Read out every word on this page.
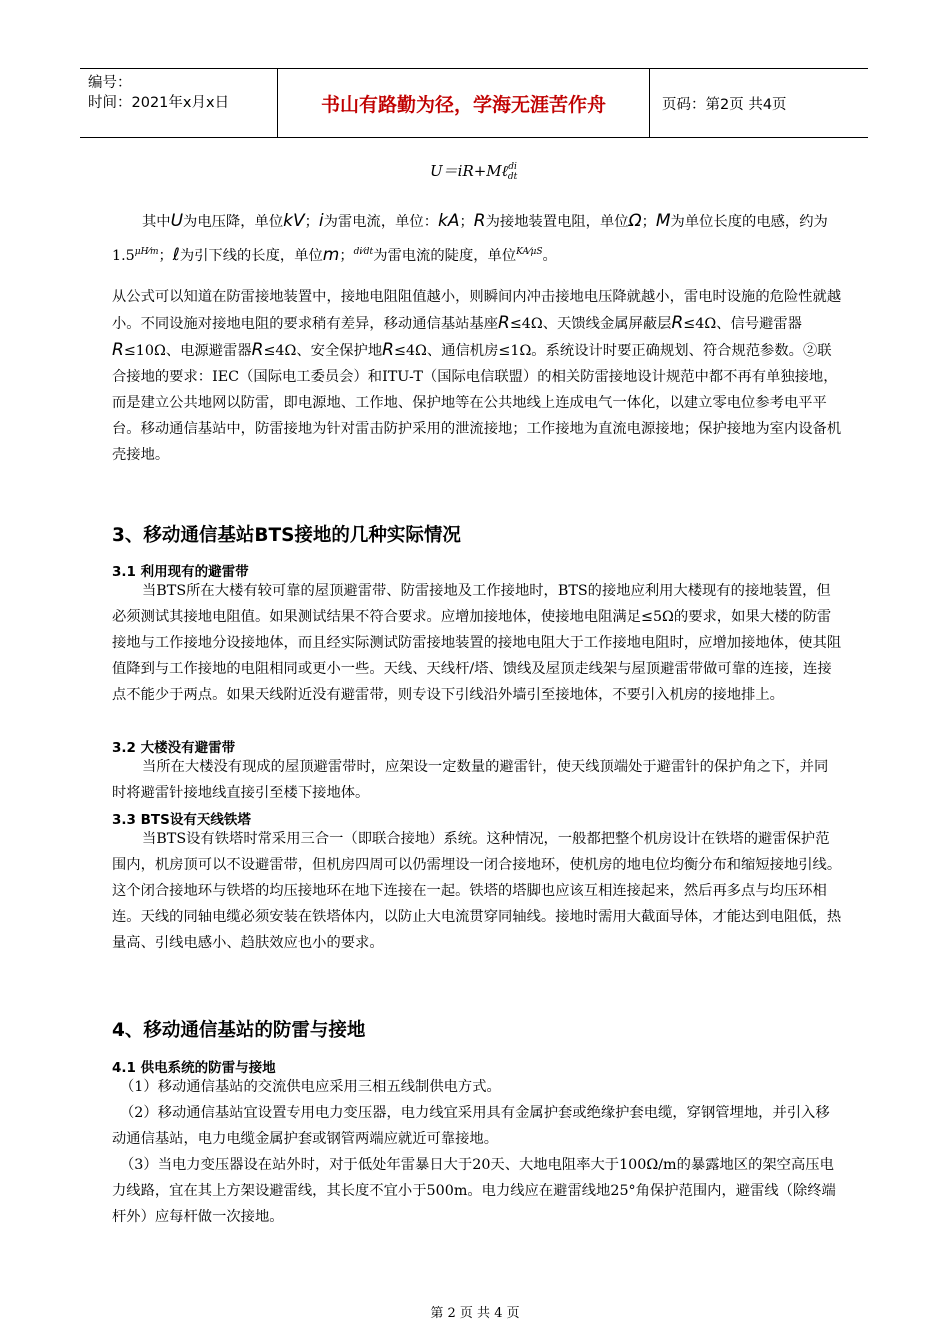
编号：
时间：2021年x月x日	书山有路勤为径，学海无涯苦作舟	页码：第2页 共4页
U＝iR+Mℓ di
dt

其中U为电压降，单位kV；i为雷电流，单位：kA；R为接地装置电阻，单位Ω；M为单位长度的电感，约为 $1.5^{\mu H⁄m}$；ℓ为引下线的长度，单位m；$^{di⁄dt}$为雷电流的陡度，单位$^{KA⁄\mu S}$。

从公式可以知道在防雷接地装置中，接地电阻阻值越小，则瞬间内冲击接地电压降就越小，雷电时设施的危险性就越小。不同设施对接地电阻的要求稍有差异，移动通信基站基座R≤4Ω、天馈线金属屏蔽层R≤4Ω、信号避雷器R≤10Ω、电源避雷器R≤4Ω、安全保护地R≤4Ω、通信机房≤1Ω。系统设计时要正确规划、符合规范参数。②联合接地的要求：IEC（国际电工委员会）和ITU-T（国际电信联盟）的相关防雷接地设计规范中都不再有单独接地，而是建立公共地网以防雷，即电源地、工作地、保护地等在公共地线上连成电气一体化，以建立零电位参考电平平台。移动通信基站中，防雷接地为针对雷击防护采用的泄流接地；工作接地为直流电源接地；保护接地为室内设备机壳接地。

3、移动通信基站BTS接地的几种实际情况
3.1 利用现有的避雷带

当BTS所在大楼有较可靠的屋顶避雷带、防雷接地及工作接地时，BTS的接地应利用大楼现有的接地装置，但必须测试其接地电阻值。如果测试结果不符合要求。应增加接地体，使接地电阻满足≤5Ω的要求，如果大楼的防雷接地与工作接地分设接地体，而且经实际测试防雷接地装置的接地电阻大于工作接地电阻时，应增加接地体，使其阻值降到与工作接地的电阻相同或更小一些。天线、天线杆/塔、馈线及屋顶走线架与屋顶避雷带做可靠的连接，连接点不能少于两点。如果天线附近没有避雷带，则专设下引线沿外墙引至接地体，不要引入机房的接地排上。

3.2 大楼没有避雷带

当所在大楼没有现成的屋顶避雷带时，应架设一定数量的避雷针，使天线顶端处于避雷针的保护角之下，并同时将避雷针接地线直接引至楼下接地体。

3.3 BTS设有天线铁塔

当BTS设有铁塔时常采用三合一（即联合接地）系统。这种情况，一般都把整个机房设计在铁塔的避雷保护范围内，机房顶可以不设避雷带，但机房四周可以仍需埋设一闭合接地环，使机房的地电位均衡分布和缩短接地引线。这个闭合接地环与铁塔的均压接地环在地下连接在一起。铁塔的塔脚也应该互相连接起来，然后再多点与均压环相连。天线的同轴电缆必须安装在铁塔体内，以防止大电流贯穿同轴线。接地时需用大截面导体，才能达到电阻低，热量高、引线电感小、趋肤效应也小的要求。

4、移动通信基站的防雷与接地
4.1 供电系统的防雷与接地

（1）移动通信基站的交流供电应采用三相五线制供电方式。

（2）移动通信基站宜设置专用电力变压器，电力线宜采用具有金属护套或绝缘护套电缆，穿钢管埋地，并引入移动通信基站，电力电缆金属护套或钢管两端应就近可靠接地。

（3）当电力变压器设在站外时，对于低处年雷暴日大于20天、大地电阻率大于100Ω/m的暴露地区的架空高压电力线路，宜在其上方架设避雷线，其长度不宜小于500m。电力线应在避雷线地25°角保护范围内，避雷线（除终端杆外）应每杆做一次接地。

第 2 页 共 4 页
